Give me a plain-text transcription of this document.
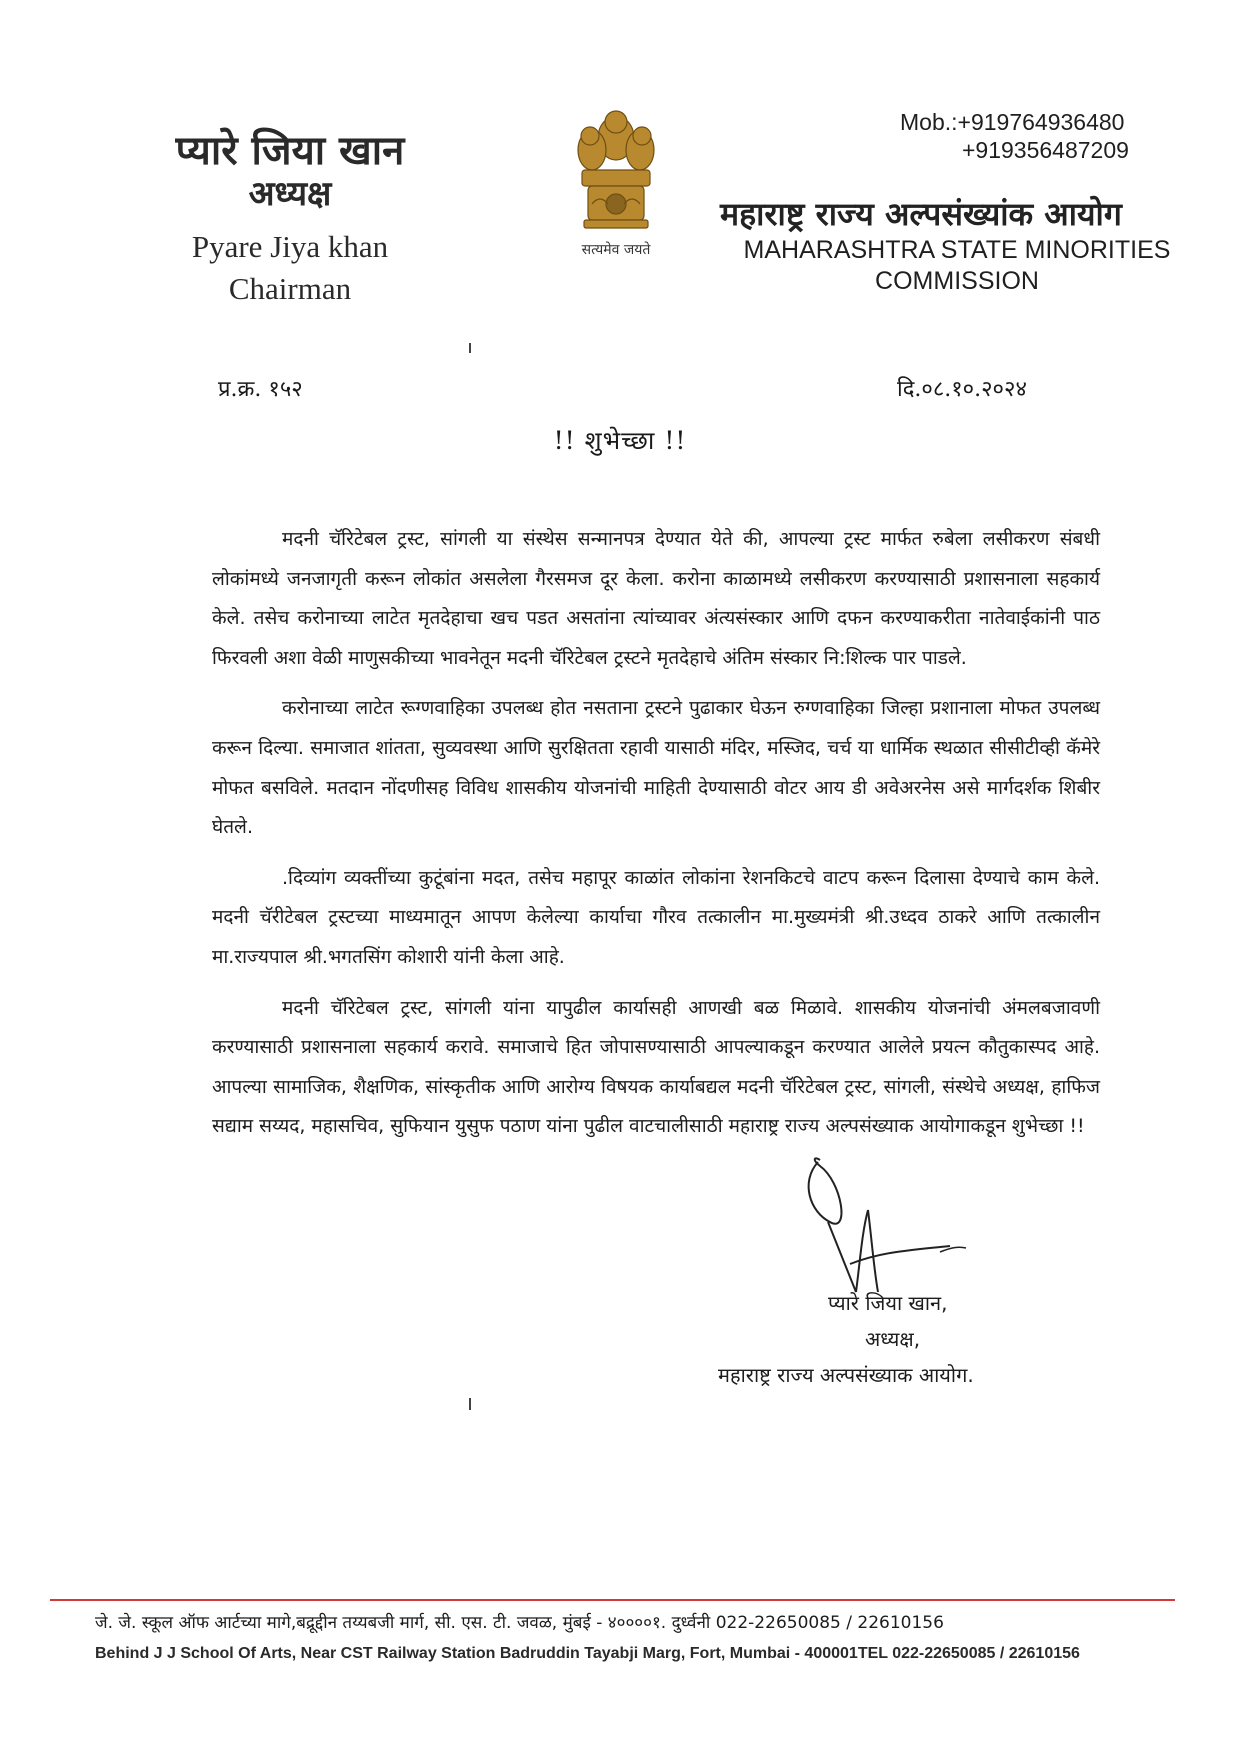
प्यारे जिया खान
अध्यक्ष
Pyare Jiya khan
Chairman
सत्यमेव जयते
Mob.:+919764936480
+919356487209
महाराष्ट्र राज्य अल्पसंख्यांक आयोग
MAHARASHTRA STATE MINORITIES
COMMISSION
प्र.क्र. १५२	दि.०८.१०.२०२४
!! शुभेच्छा !!

मदनी चॅरिटेबल ट्रस्ट, सांगली या संस्थेस सन्मानपत्र देण्यात येते की, आपल्या ट्रस्ट मार्फत रुबेला लसीकरण संबधी लोकांमध्ये जनजागृती करून लोकांत असलेला गैरसमज दूर केला. करोना काळामध्ये लसीकरण करण्यासाठी प्रशासनाला सहकार्य केले. तसेच करोनाच्या लाटेत मृतदेहाचा खच पडत असतांना त्यांच्यावर अंत्यसंस्कार आणि दफन करण्याकरीता नातेवाईकांनी पाठ फिरवली अशा वेळी माणुसकीच्या भावनेतून मदनी चॅरिटेबल ट्रस्टने मृतदेहाचे अंतिम संस्कार नि:शिल्क पार पाडले.

करोनाच्या लाटेत रूग्णवाहिका उपलब्ध होत नसताना ट्रस्टने पुढाकार घेऊन रुग्णवाहिका जिल्हा प्रशानाला मोफत उपलब्ध करून दिल्या. समाजात शांतता, सुव्यवस्था आणि सुरक्षितता रहावी यासाठी मंदिर, मस्जिद, चर्च या धार्मिक स्थळात सीसीटीव्ही कॅमेरे मोफत बसविले. मतदान नोंदणीसह विविध शासकीय योजनांची माहिती देण्यासाठी वोटर आय डी अवेअरनेस असे मार्गदर्शक शिबीर घेतले.

.दिव्यांग व्यक्तींच्या कुटूंबांना मदत, तसेच महापूर काळांत लोकांना रेशनकिटचे वाटप करून दिलासा देण्याचे काम केले. मदनी चॅरीटेबल ट्रस्टच्या माध्यमातून आपण केलेल्या कार्याचा गौरव तत्कालीन मा.मुख्यमंत्री श्री.उध्दव ठाकरे आणि तत्कालीन मा.राज्यपाल श्री.भगतसिंग कोशारी यांनी केला आहे.

मदनी चॅरिटेबल ट्रस्ट, सांगली यांना यापुढील कार्यासही आणखी बळ मिळावे. शासकीय योजनांची अंमलबजावणी करण्यासाठी प्रशासनाला सहकार्य करावे. समाजाचे हित जोपासण्यासाठी आपल्याकडून करण्यात आलेले प्रयत्न कौतुकास्पद आहे. आपल्या सामाजिक, शैक्षणिक, सांस्कृतीक आणि आरोग्य विषयक कार्याबद्यल मदनी चॅरिटेबल ट्रस्ट, सांगली, संस्थेचे अध्यक्ष, हाफिज सद्याम सय्यद, महासचिव, सुफियान युसुफ पठाण यांना पुढील वाटचालीसाठी महाराष्ट्र राज्य अल्पसंख्याक आयोगाकडून शुभेच्छा !!

प्यारे जिया खान,
अध्यक्ष,
महाराष्ट्र राज्य अल्पसंख्याक आयोग.
जे. जे. स्कूल ऑफ आर्टच्या मागे,बद्रूद्दीन तय्यबजी मार्ग, सी. एस. टी. जवळ, मुंबई - ४००००१. दुर्ध्वनी 022-22650085 / 22610156
Behind J J School Of Arts, Near CST Railway Station Badruddin Tayabji Marg, Fort, Mumbai - 400001TEL 022-22650085 / 22610156
